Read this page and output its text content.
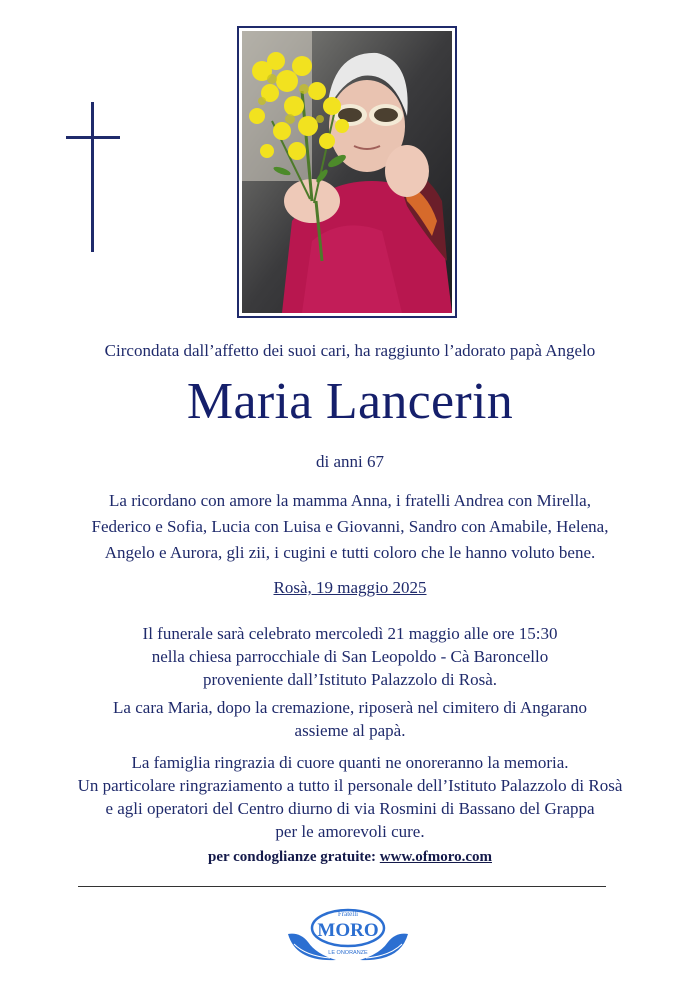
Circondata dall’affetto dei suoi cari, ha raggiunto l’adorato papà Angelo
Maria Lancerin
di anni 67
La ricordano con amore la mamma Anna, i fratelli Andrea con Mirella,
Federico e Sofia, Lucia con Luisa e Giovanni, Sandro con Amabile, Helena,
Angelo e Aurora, gli zii, i cugini e tutti coloro che le hanno voluto bene.
Rosà, 19 maggio 2025
Il funerale sarà celebrato mercoledì 21 maggio alle ore 15:30
nella chiesa parrocchiale di San Leopoldo - Cà Baroncello
proveniente dall’Istituto Palazzolo di Rosà.
La cara Maria, dopo la cremazione, riposerà nel cimitero di Angarano
assieme al papà.
La famiglia ringrazia di cuore quanti ne onoreranno la memoria.
Un particolare ringraziamento a tutto il personale dell’Istituto Palazzolo di Rosà
e agli operatori del Centro diurno di via Rosmini di Bassano del Grappa
per le amorevoli cure.
per condoglianze gratuite: www.ofmoro.com
Fratelli
MORO
LE ONORANZE
